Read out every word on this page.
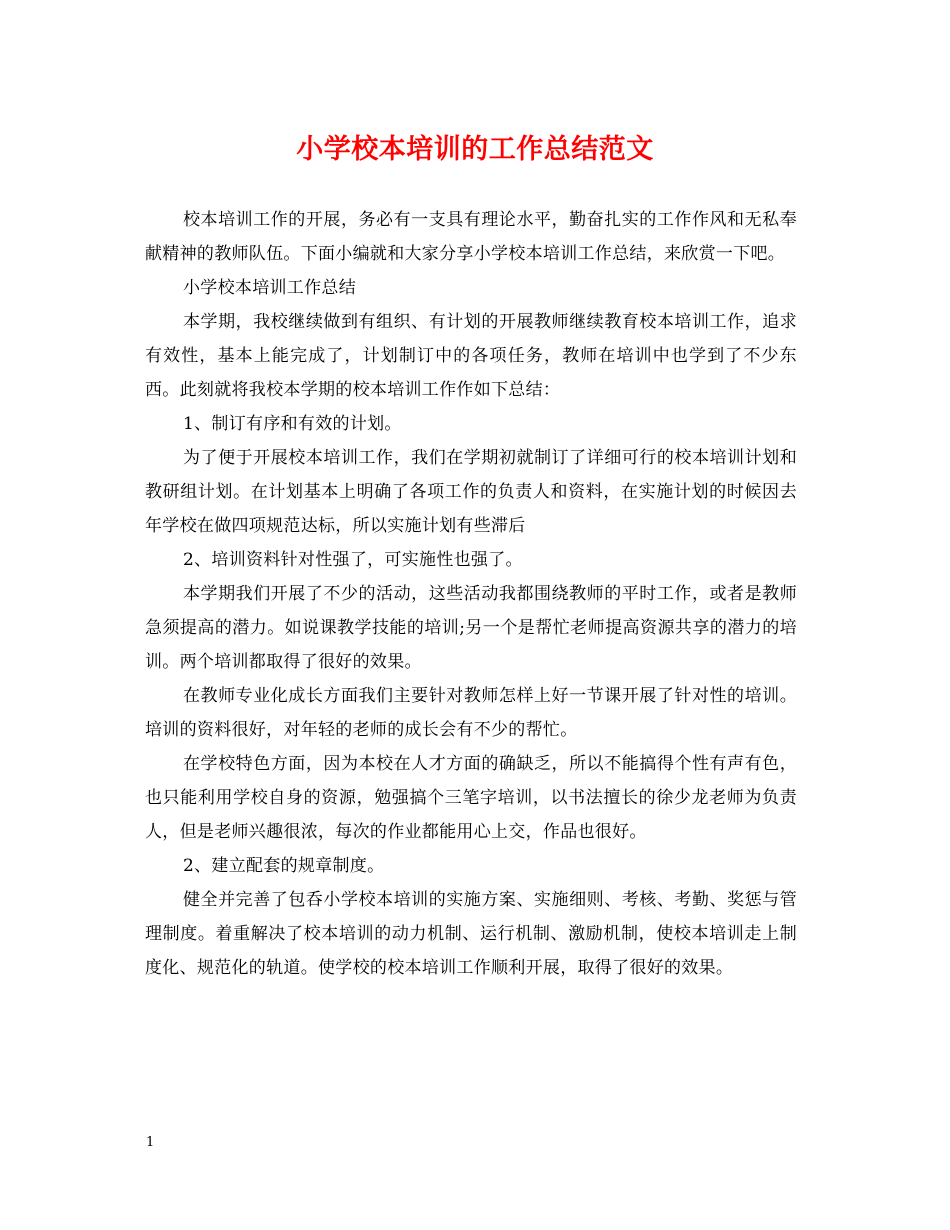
小学校本培训的工作总结范文

校本培训工作的开展，务必有一支具有理论水平，勤奋扎实的工作作风和无私奉献精神的教师队伍。下面小编就和大家分享小学校本培训工作总结，来欣赏一下吧。

小学校本培训工作总结

本学期，我校继续做到有组织、有计划的开展教师继续教育校本培训工作，追求有效性，基本上能完成了，计划制订中的各项任务，教师在培训中也学到了不少东西。此刻就将我校本学期的校本培训工作作如下总结：

1、制订有序和有效的计划。

为了便于开展校本培训工作，我们在学期初就制订了详细可行的校本培训计划和教研组计划。在计划基本上明确了各项工作的负责人和资料，在实施计划的时候因去年学校在做四项规范达标，所以实施计划有些滞后

2、培训资料针对性强了，可实施性也强了。

本学期我们开展了不少的活动，这些活动我都围绕教师的平时工作，或者是教师急须提高的潜力。如说课教学技能的培训;另一个是帮忙老师提高资源共享的潜力的培训。两个培训都取得了很好的效果。

在教师专业化成长方面我们主要针对教师怎样上好一节课开展了针对性的培训。培训的资料很好，对年轻的老师的成长会有不少的帮忙。

在学校特色方面，因为本校在人才方面的确缺乏，所以不能搞得个性有声有色，也只能利用学校自身的资源，勉强搞个三笔字培训，以书法擅长的徐少龙老师为负责人，但是老师兴趣很浓，每次的作业都能用心上交，作品也很好。

2、建立配套的规章制度。

健全并完善了包呑小学校本培训的实施方案、实施细则、考核、考勤、奖惩与管理制度。着重解决了校本培训的动力机制、运行机制、激励机制，使校本培训走上制度化、规范化的轨道。使学校的校本培训工作顺利开展，取得了很好的效果。

1
